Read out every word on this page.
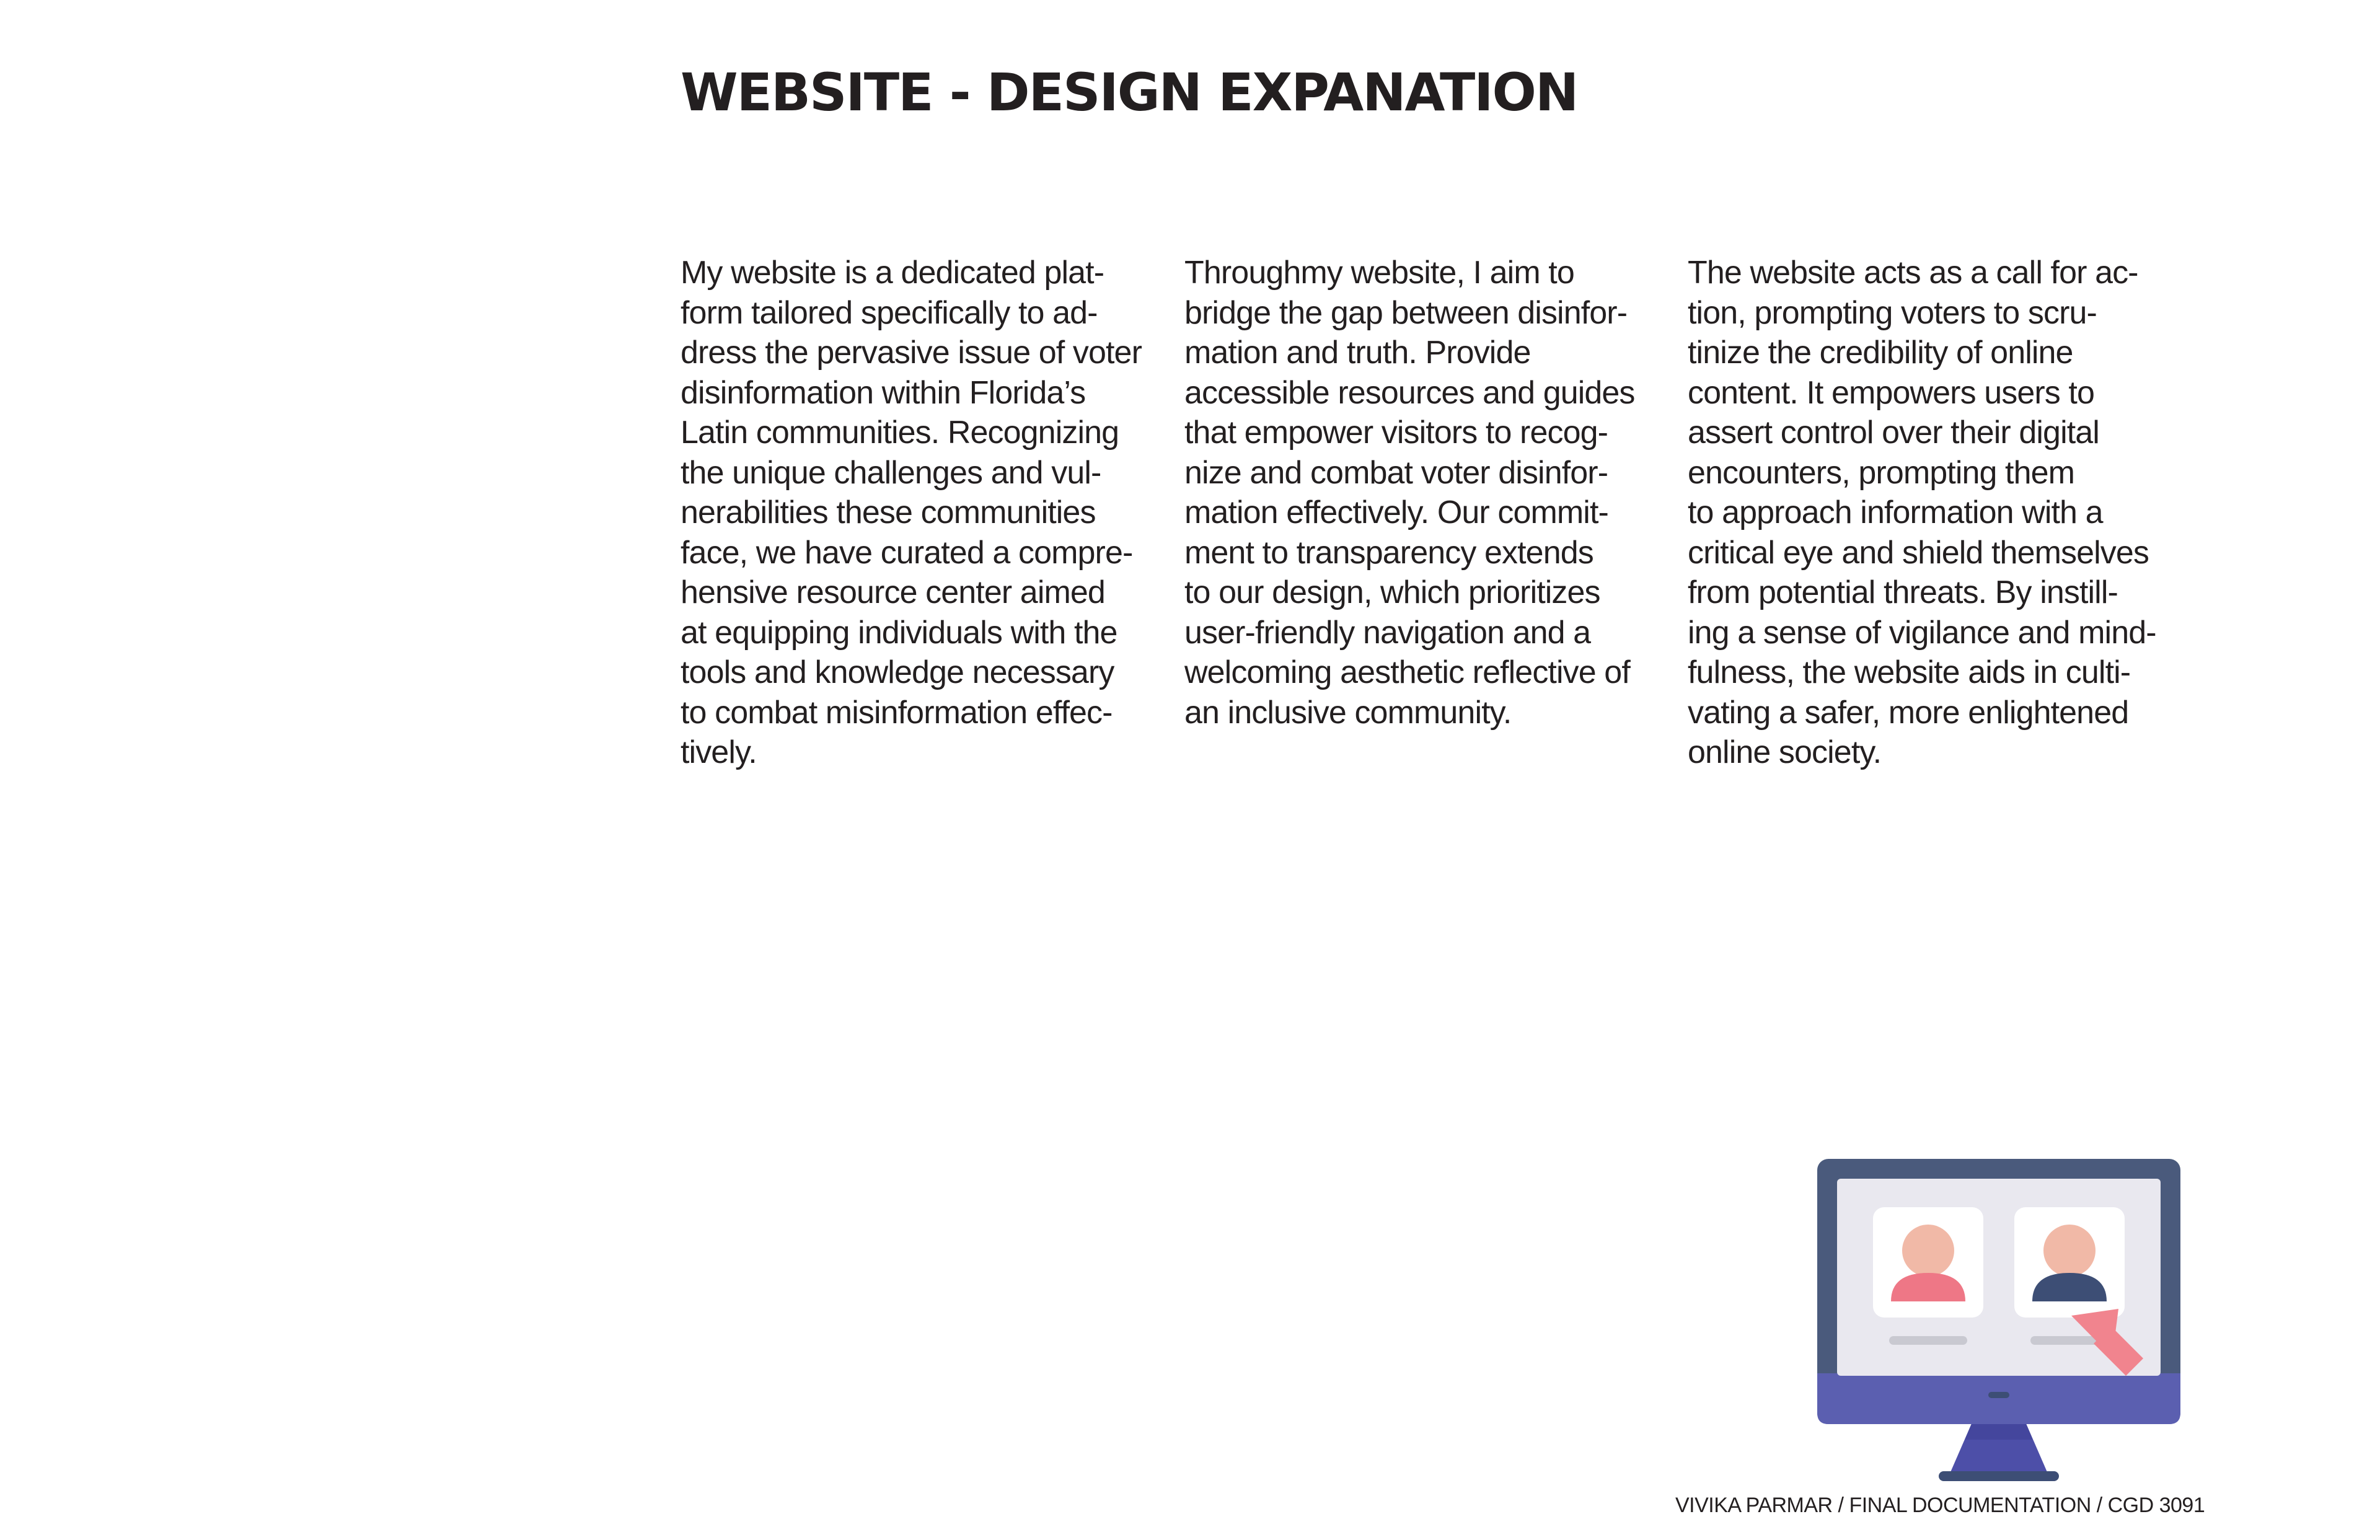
WEBSITE - DESIGN EXPANATION

My website is a dedicated plat-
form tailored specifically to ad-
dress the pervasive issue of voter
disinformation within Florida’s
Latin communities. Recognizing
the unique challenges and vul-
nerabilities these communities
face, we have curated a compre-
hensive resource center aimed
at equipping individuals with the
tools and knowledge necessary
to combat misinformation effec-
tively.

Throughmy website, I aim to
bridge the gap between disinfor-
mation and truth. Provide
accessible resources and guides
that empower visitors to recog-
nize and combat voter disinfor-
mation effectively. Our commit-
ment to transparency extends
to our design, which prioritizes
user-friendly navigation and a
welcoming aesthetic reflective of
an inclusive community.

The website acts as a call for ac-
tion, prompting voters to scru-
tinize the credibility of online
content. It empowers users to
assert control over their digital
encounters, prompting them
to approach information with a
critical eye and shield themselves
from potential threats. By instill-
ing a sense of vigilance and mind-
fulness, the website aids in culti-
vating a safer, more enlightened
online society.

VIVIKA PARMAR / FINAL DOCUMENTATION / CGD 3091
